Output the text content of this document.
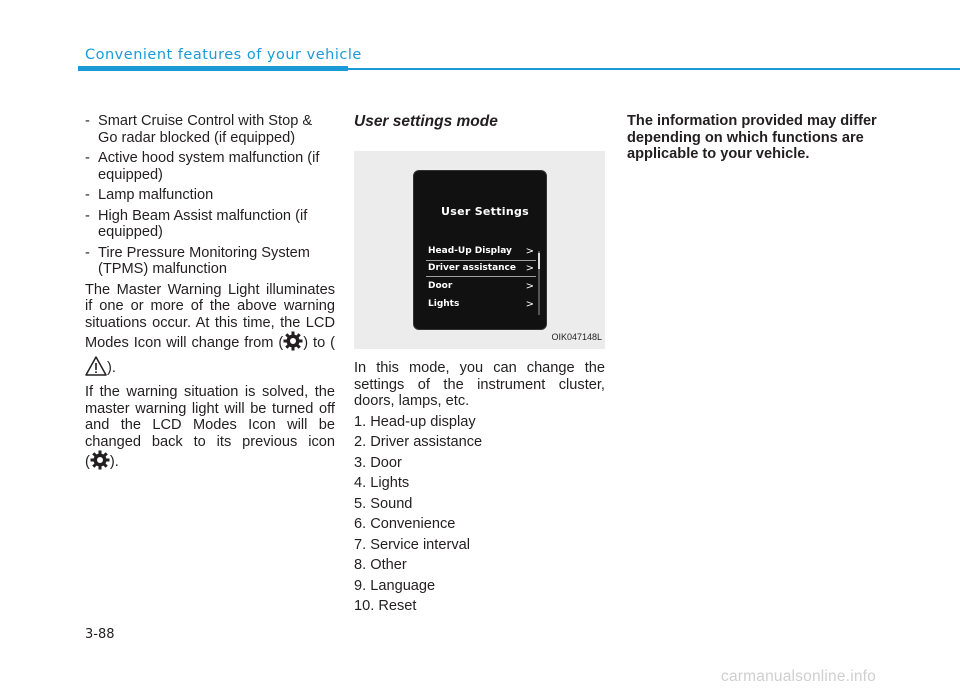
Convenient features of your vehicle
- Smart Cruise Control with Stop & Go radar blocked (if equipped)
- Active hood system malfunction (if equipped)
- Lamp malfunction
- High Beam Assist malfunction (if equipped)
- Tire Pressure Monitoring System (TPMS) malfunction

The Master Warning Light illuminates if one or more of the above warning situations occur. At this time, the LCD Modes Icon will change from ( ) to ().

If the warning situation is solved, the master warning light will be turned off and the LCD Modes Icon will be changed back to its previous icon
( ).

User settings mode
User Settings
Head-Up Display >
Driver assistance >
Door	>
Lights	>
OIK047148L

In this mode, you can change the settings of the instrument cluster, doors, lamps, etc.

1. Head-up display
2. Driver assistance
3. Door
4. Lights
5. Sound
6. Convenience
7. Service interval
8. Other
9. Language
10. Reset

The information provided may differ depending on which functions are applicable to your vehicle.

3-88
carmanualsonline.info
